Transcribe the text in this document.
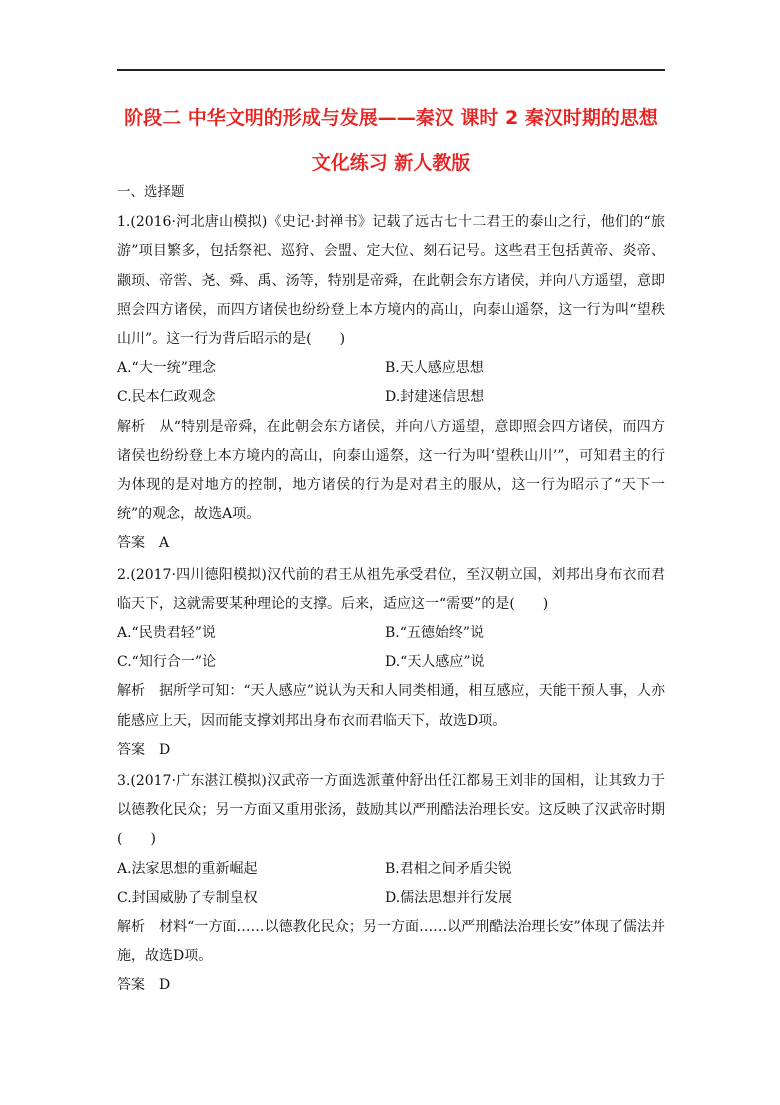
阶段二 中华文明的形成与发展——秦汉 课时 2 秦汉时期的思想文化练习 新人教版
一、选择题
1.(2016·河北唐山模拟)《史记·封禅书》记载了远古七十二君王的泰山之行，他们的“旅游”项目繁多，包括祭祀、巡狩、会盟、定大位、刻石记号。这些君王包括黄帝、炎帝、颛顼、帝喾、尧、舜、禹、汤等，特别是帝舜，在此朝会东方诸侯，并向八方遥望，意即照会四方诸侯，而四方诸侯也纷纷登上本方境内的高山，向泰山遥祭，这一行为叫“望秩山川”。这一行为背后昭示的是(　　)
A.“大一统”理念	B.天人感应思想
C.民本仁政观念	D.封建迷信思想
解析 从“特别是帝舜，在此朝会东方诸侯，并向八方遥望，意即照会四方诸侯，而四方诸侯也纷纷登上本方境内的高山，向泰山遥祭，这一行为叫‘望秩山川’”，可知君主的行为体现的是对地方的控制，地方诸侯的行为是对君主的服从，这一行为昭示了“天下一统”的观念，故选A项。
答案 A
2.(2017·四川德阳模拟)汉代前的君王从祖先承受君位，至汉朝立国，刘邦出身布衣而君临天下，这就需要某种理论的支撑。后来，适应这一“需要”的是(　　)
A.“民贵君轻”说	B.“五德始终”说
C.“知行合一”论	D.“天人感应”说
解析 据所学可知：“天人感应”说认为天和人同类相通，相互感应，天能干预人事，人亦能感应上天，因而能支撑刘邦出身布衣而君临天下，故选D项。
答案 D
3.(2017·广东湛江模拟)汉武帝一方面选派董仲舒出任江都易王刘非的国相，让其致力于以德教化民众；另一方面又重用张汤，鼓励其以严刑酷法治理长安。这反映了汉武帝时期(　　)
A.法家思想的重新崛起	B.君相之间矛盾尖锐
C.封国威胁了专制皇权	D.儒法思想并行发展
解析 材料“一方面……以德教化民众；另一方面……以严刑酷法治理长安”体现了儒法并施，故选D项。
答案 D
